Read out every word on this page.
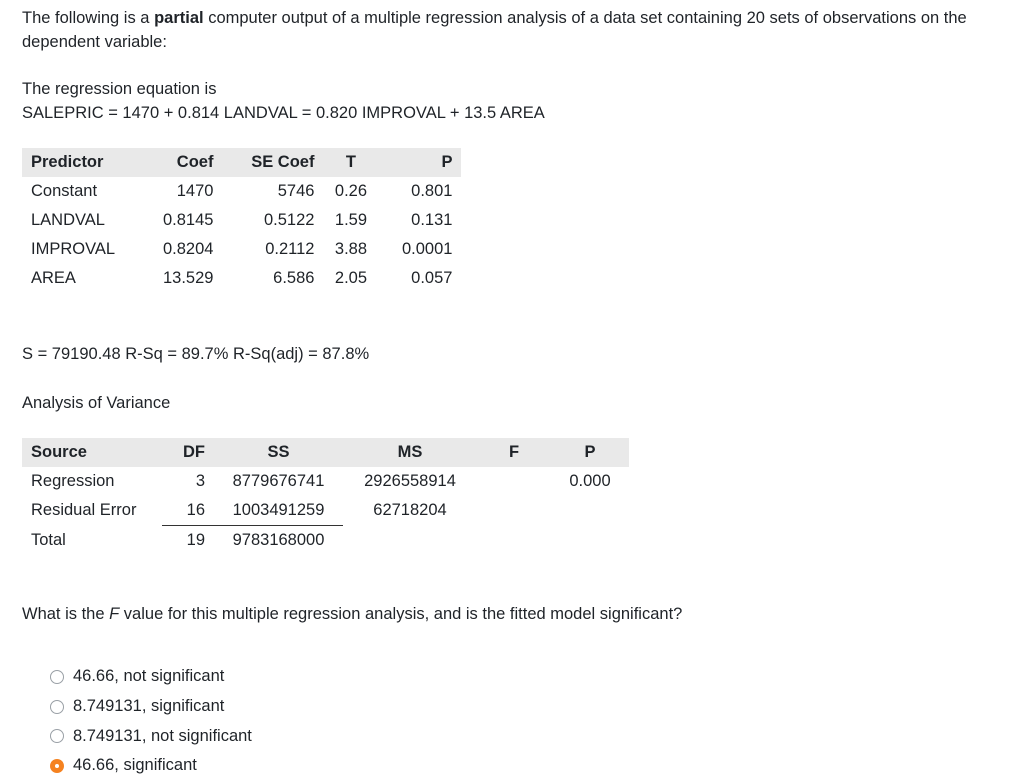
The following is a partial computer output of a multiple regression analysis of a data set containing 20 sets of observations on the dependent variable:
The regression equation is
SALEPRIC = 1470 + 0.814 LANDVAL = 0.820 IMPROVAL + 13.5 AREA
Predictor	Coef	SE Coef	T	P
Constant	1470	5746	0.26	0.801
LANDVAL	0.8145	0.5122	1.59	0.131
IMPROVAL	0.8204	0.2112	3.88	0.0001
AREA	13.529	6.586	2.05	0.057
S = 79190.48 R-Sq = 89.7% R-Sq(adj) = 87.8%
Analysis of Variance
Source	DF	SS	MS	F	P
Regression	3	8779676741	2926558914		0.000
Residual Error	16	1003491259	62718204		
Total	19	9783168000			
What is the F value for this multiple regression analysis, and is the fitted model significant?
46.66, not significant
8.749131, significant
8.749131, not significant
46.66, significant
